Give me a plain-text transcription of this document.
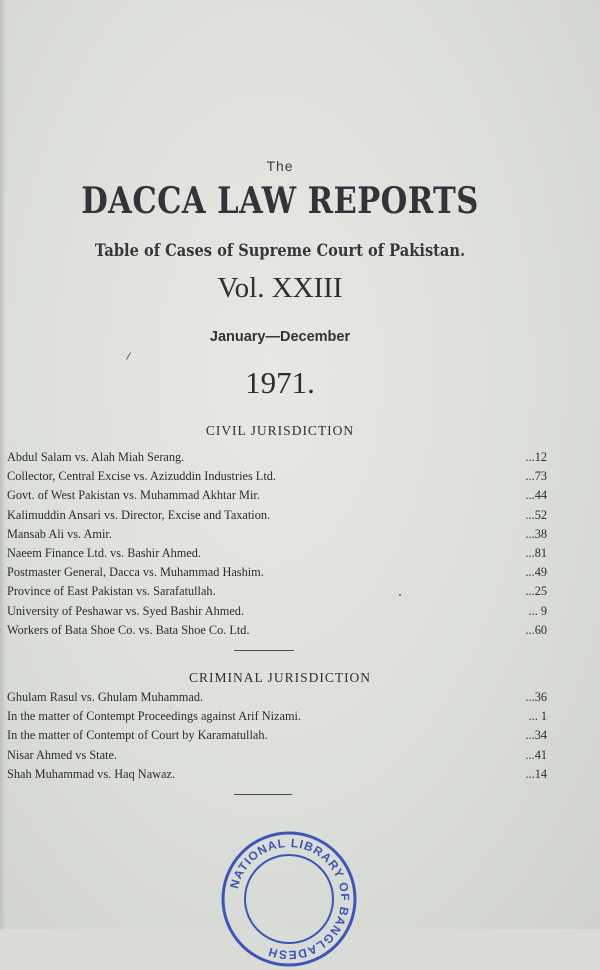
The
DACCA LAW REPORTS
Table of Cases of Supreme Court of Pakistan.
Vol. XXIII
January—December
1971.
CIVIL JURISDICTION
Abdul Salam vs. Alah Miah Serang.	...12
Collector, Central Excise vs. Azizuddin Industries Ltd.	...73
Govt. of West Pakistan vs. Muhammad Akhtar Mir.	...44
Kalimuddin Ansari vs. Director, Excise and Taxation.	...52
Mansab Ali vs. Amir.	...38
Naeem Finance Ltd. vs. Bashir Ahmed.	...81
Postmaster General, Dacca vs. Muhammad Hashim.	...49
Province of East Pakistan vs. Sarafatullah.	...25
University of Peshawar vs. Syed Bashir Ahmed.	... 9
Workers of Bata Shoe Co. vs. Bata Shoe Co. Ltd.	...60
CRIMINAL JURISDICTION
Ghulam Rasul vs. Ghulam Muhammad.	...36
In the matter of Contempt Proceedings against Arif Nizami.	... 1
In the matter of Contempt of Court by Karamatullah.	...34
Nisar Ahmed vs State.	...41
Shah Muhammad vs. Haq Nawaz.	...14
NATIONAL LIBRARY OF BANGLADESH
